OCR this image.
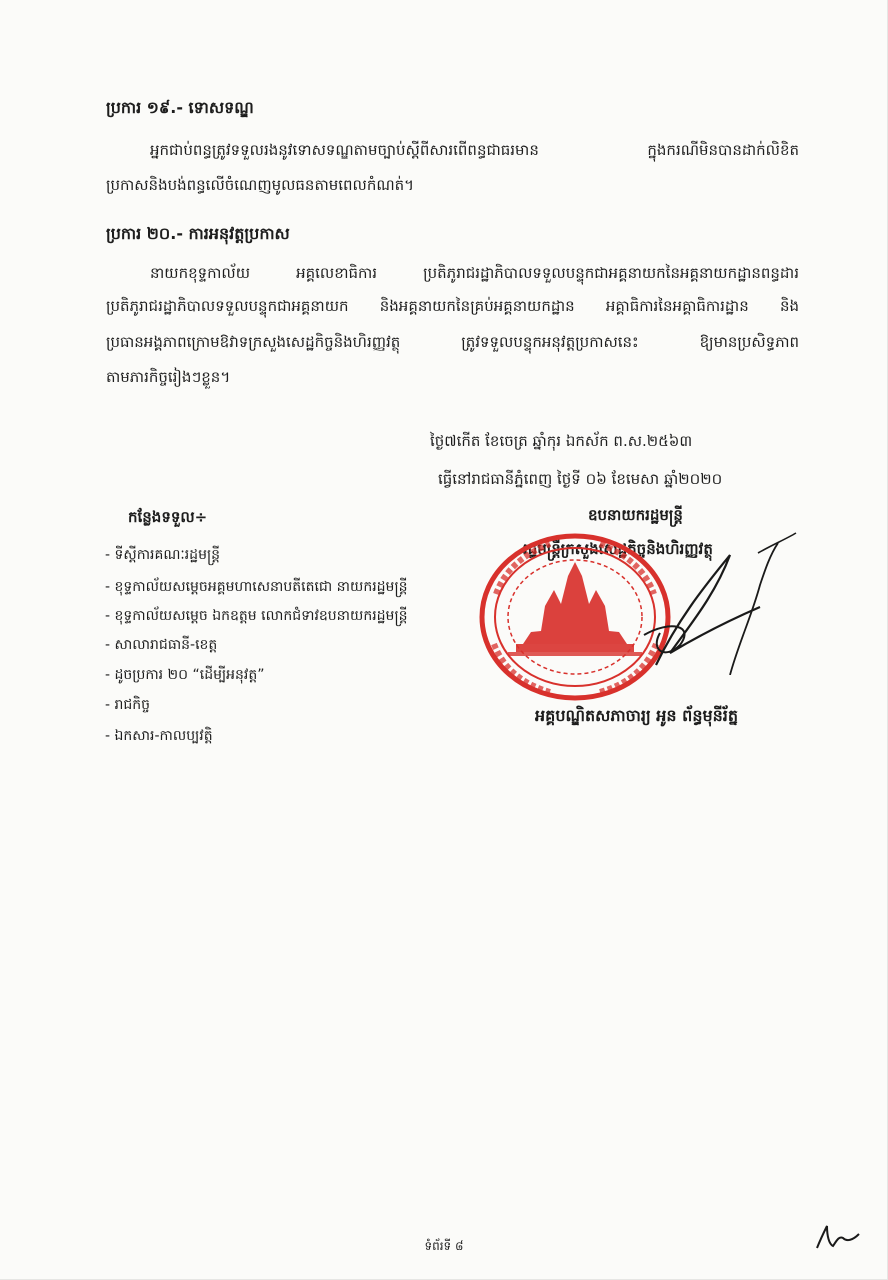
ប្រការ ១៩.- ទោសទណ្ឌ
អ្នកជាប់ពន្ធត្រូវទទួលរងនូវទោសទណ្ឌតាមច្បាប់ស្តីពីសារពើពន្ធជាធរមាន	ក្នុងករណីមិនបានដាក់លិខិត
ប្រកាសនិងបង់ពន្ធលើចំណេញមូលធនតាមពេលកំណត់។
ប្រការ ២០.- ការអនុវត្តប្រកាស
នាយកខុទ្ទកាល័យ	អគ្គលេខាធិការ	ប្រតិភូរាជរដ្ឋាភិបាលទទួលបន្ទុកជាអគ្គនាយកនៃអគ្គនាយកដ្ឋានពន្ធដារ
ប្រតិភូរាជរដ្ឋាភិបាលទទួលបន្ទុកជាអគ្គនាយក និងអគ្គនាយកនៃគ្រប់អគ្គនាយកដ្ឋាន អគ្គាធិការនៃអគ្គាធិការដ្ឋាន និង
ប្រធានអង្គភាពក្រោមឱវាទក្រសួងសេដ្ឋកិច្ចនិងហិរញ្ញវត្ថុ	ត្រូវទទួលបន្ទុកអនុវត្តប្រកាសនេះ	ឱ្យមានប្រសិទ្ធភាព
តាមភារកិច្ចរៀងៗខ្លួន។
ថ្ងៃ៧កើត ខែចេត្រ ឆ្នាំកុរ ឯកស័ក ព.ស.២៥៦៣
ធ្វើនៅរាជធានីភ្នំពេញ ថ្ងៃទី ០៦ ខែមេសា ឆ្នាំ២០២០
ឧបនាយករដ្ឋមន្ត្រី
រដ្ឋមន្ត្រីក្រសួងសេដ្ឋកិច្ចនិងហិរញ្ញវត្ថុ
អគ្គបណ្ឌិតសភាចារ្យ អូន ព័ន្ធមុនីរ័ត្ន
កន្លែងទទួល÷
- ទីស្តីការគណៈរដ្ឋមន្ត្រី
- ខុទ្ទកាល័យសម្តេចអគ្គមហាសេនាបតីតេជោ នាយករដ្ឋមន្ត្រី
- ខុទ្ទកាល័យសម្តេច ឯកឧត្តម លោកជំទាវឧបនាយករដ្ឋមន្ត្រី
- សាលារាជធានី-ខេត្ត
- ដូចប្រការ ២០ “ដើម្បីអនុវត្ត”
- រាជកិច្ច
- ឯកសារ-កាលប្បវត្តិ
ទំព័រទី ៨
